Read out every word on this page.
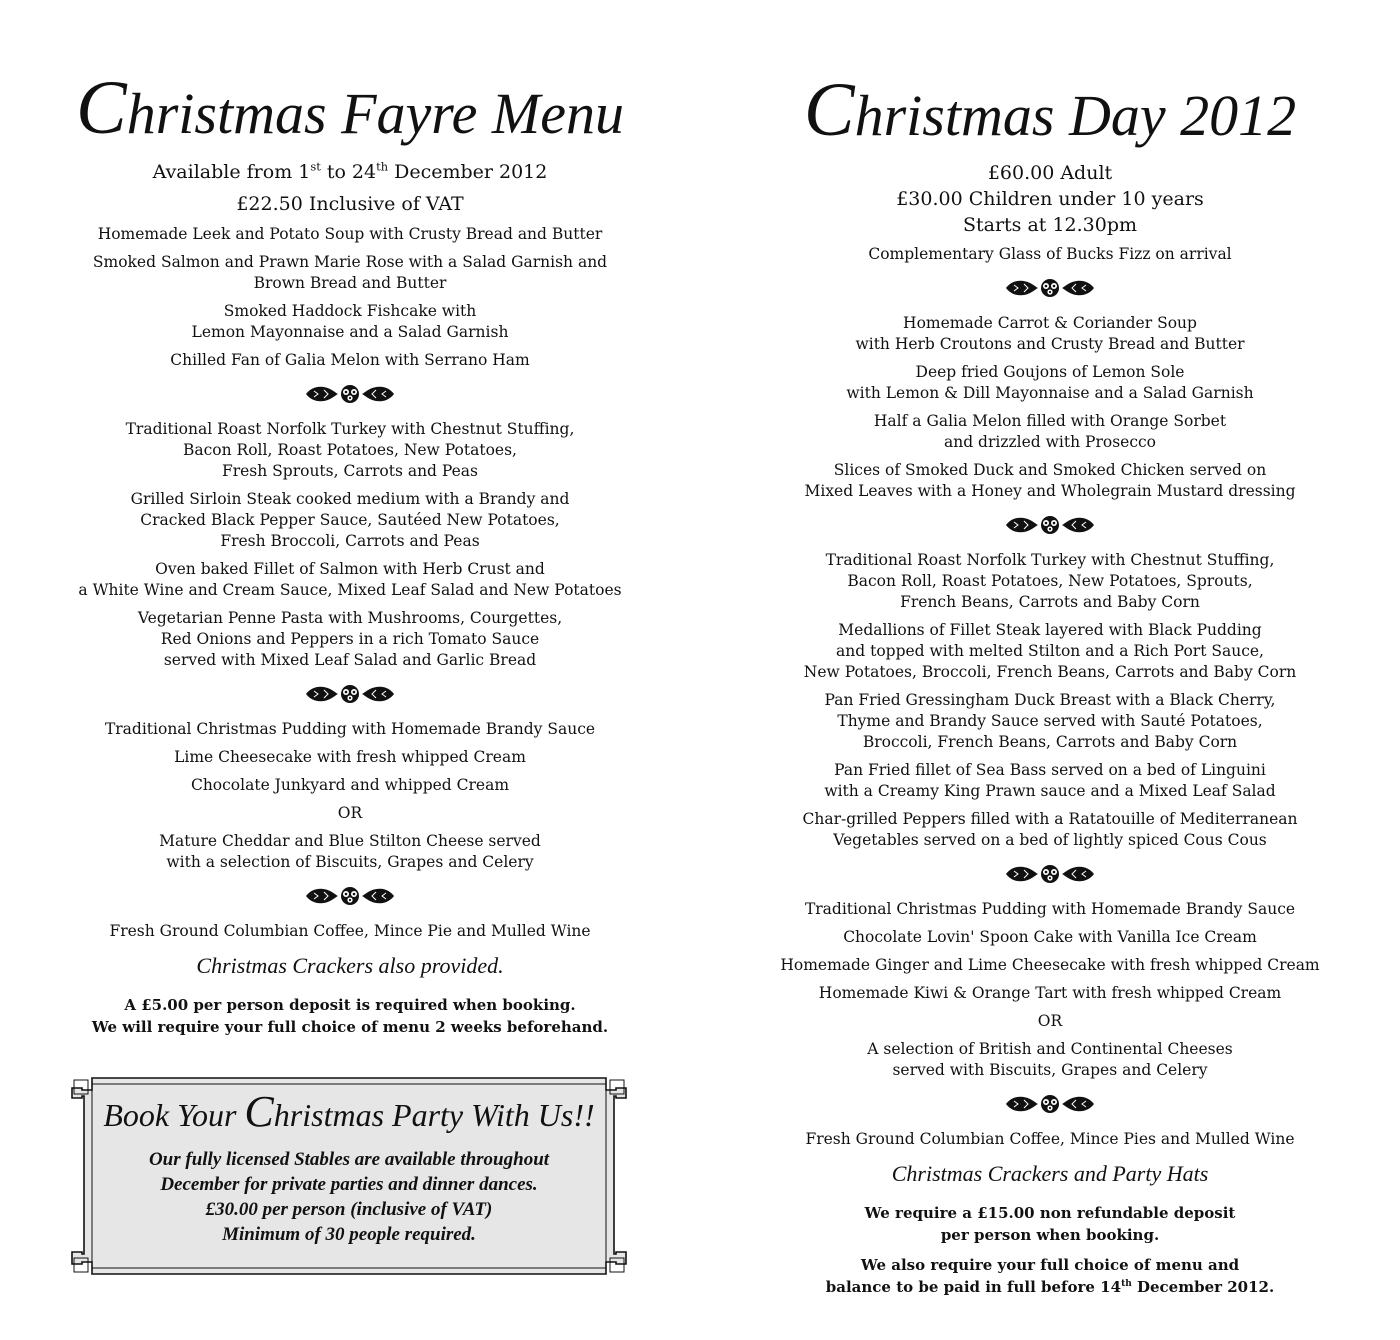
Christmas Fayre Menu
Available from 1st to 24th December 2012
£22.50 Inclusive of VAT
Homemade Leek and Potato Soup with Crusty Bread and Butter
Smoked Salmon and Prawn Marie Rose with a Salad Garnish and
Brown Bread and Butter
Smoked Haddock Fishcake with
Lemon Mayonnaise and a Salad Garnish
Chilled Fan of Galia Melon with Serrano Ham
Traditional Roast Norfolk Turkey with Chestnut Stuffing,
Bacon Roll, Roast Potatoes, New Potatoes,
Fresh Sprouts, Carrots and Peas
Grilled Sirloin Steak cooked medium with a Brandy and
Cracked Black Pepper Sauce, Sautéed New Potatoes,
Fresh Broccoli, Carrots and Peas
Oven baked Fillet of Salmon with Herb Crust and
a White Wine and Cream Sauce, Mixed Leaf Salad and New Potatoes
Vegetarian Penne Pasta with Mushrooms, Courgettes,
Red Onions and Peppers in a rich Tomato Sauce
served with Mixed Leaf Salad and Garlic Bread
Traditional Christmas Pudding with Homemade Brandy Sauce
Lime Cheesecake with fresh whipped Cream
Chocolate Junkyard and whipped Cream
OR
Mature Cheddar and Blue Stilton Cheese served
with a selection of Biscuits, Grapes and Celery
Fresh Ground Columbian Coffee, Mince Pie and Mulled Wine
Christmas Crackers also provided.
A £5.00 per person deposit is required when booking.
We will require your full choice of menu 2 weeks beforehand.
Book Your Christmas Party With Us!!
Our fully licensed Stables are available throughout
December for private parties and dinner dances.
£30.00 per person (inclusive of VAT)
Minimum of 30 people required.
Christmas Day 2012
£60.00 Adult
£30.00 Children under 10 years
Starts at 12.30pm
Complementary Glass of Bucks Fizz on arrival
Homemade Carrot & Coriander Soup
with Herb Croutons and Crusty Bread and Butter
Deep fried Goujons of Lemon Sole
with Lemon & Dill Mayonnaise and a Salad Garnish
Half a Galia Melon filled with Orange Sorbet
and drizzled with Prosecco
Slices of Smoked Duck and Smoked Chicken served on
Mixed Leaves with a Honey and Wholegrain Mustard dressing
Traditional Roast Norfolk Turkey with Chestnut Stuffing,
Bacon Roll, Roast Potatoes, New Potatoes, Sprouts,
French Beans, Carrots and Baby Corn
Medallions of Fillet Steak layered with Black Pudding
and topped with melted Stilton and a Rich Port Sauce,
New Potatoes, Broccoli, French Beans, Carrots and Baby Corn
Pan Fried Gressingham Duck Breast with a Black Cherry,
Thyme and Brandy Sauce served with Sauté Potatoes,
Broccoli, French Beans, Carrots and Baby Corn
Pan Fried fillet of Sea Bass served on a bed of Linguini
with a Creamy King Prawn sauce and a Mixed Leaf Salad
Char-grilled Peppers filled with a Ratatouille of Mediterranean
Vegetables served on a bed of lightly spiced Cous Cous
Traditional Christmas Pudding with Homemade Brandy Sauce
Chocolate Lovin' Spoon Cake with Vanilla Ice Cream
Homemade Ginger and Lime Cheesecake with fresh whipped Cream
Homemade Kiwi & Orange Tart with fresh whipped Cream
OR
A selection of British and Continental Cheeses
served with Biscuits, Grapes and Celery
Fresh Ground Columbian Coffee, Mince Pies and Mulled Wine
Christmas Crackers and Party Hats
We require a £15.00 non refundable deposit
per person when booking.
We also require your full choice of menu and
balance to be paid in full before 14th December 2012.
